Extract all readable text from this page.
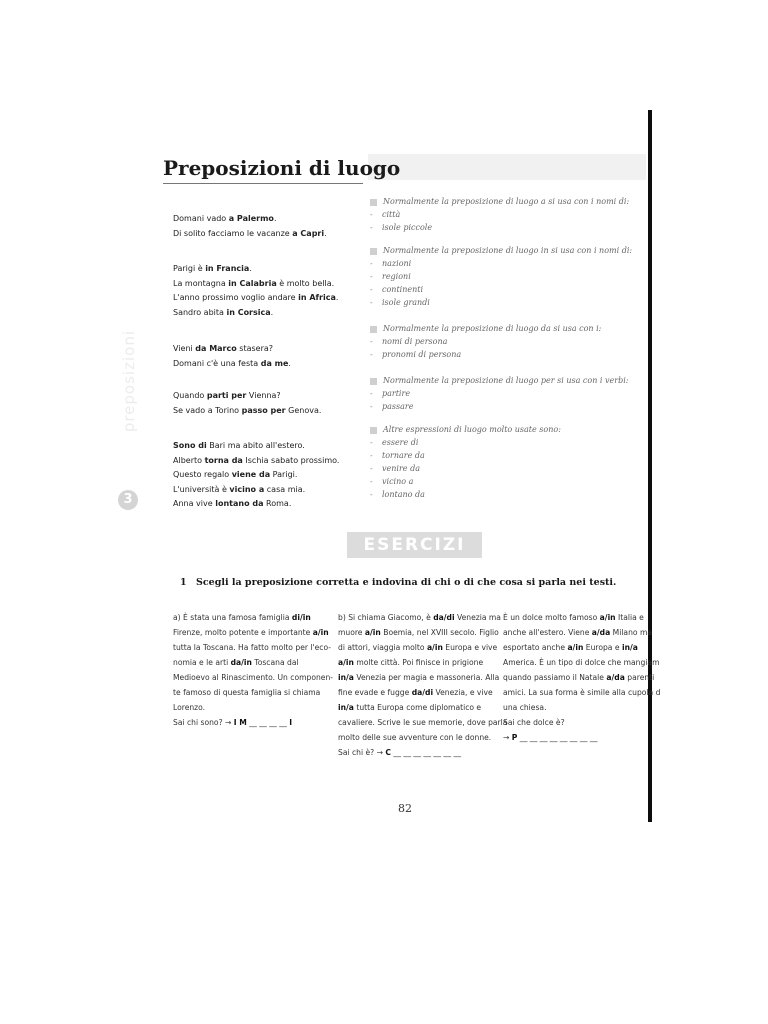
preposizioni
3
Preposizioni di luogo
Domani vado a Palermo.
Di solito facciamo le vacanze a Capri.
Normalmente la preposizione di luogo a si usa con i nomi di:
- città
- isole piccole
Parigi è in Francia.
La montagna in Calabria è molto bella.
L'anno prossimo voglio andare in Africa.
Sandro abita in Corsica.
Normalmente la preposizione di luogo in si usa con i nomi di:
- nazioni
- regioni
- continenti
- isole grandi
Vieni da Marco stasera?
Domani c'è una festa da me.
Normalmente la preposizione di luogo da si usa con i:
- nomi di persona
- pronomi di persona
Quando parti per Vienna?
Se vado a Torino passo per Genova.
Normalmente la preposizione di luogo per si usa con i verbi:
- partire
- passare
Sono di Bari ma abito all'estero.
Alberto torna da Ischia sabato prossimo.
Questo regalo viene da Parigi.
L'università è vicino a casa mia.
Anna vive lontano da Roma.
Altre espressioni di luogo molto usate sono:
- essere di
- tornare da
- venire da
- vicino a
- lontano da
ESERCIZI
1 Scegli la preposizione corretta e indovina di chi o di che cosa si parla nei testi.
a) È stata una famosa famiglia di/in
Firenze, molto potente e importante a/in
tutta la Toscana. Ha fatto molto per l'eco-
nomia e le arti da/in Toscana dal
Medioevo al Rinascimento. Un componen-
te famoso di questa famiglia si chiama
Lorenzo.
Sai chi sono? → I M __ __ __ __ I
b) Si chiama Giacomo, è da/di Venezia ma
muore a/in Boemia, nel XVIII secolo. Figlio
di attori, viaggia molto a/in Europa e vive
a/in molte città. Poi finisce in prigione
in/a Venezia per magia e massoneria. Alla
fine evade e fugge da/di Venezia, e vive
in/a tutta Europa come diplomatico e
cavaliere. Scrive le sue memorie, dove parla
molto delle sue avventure con le donne.
Sai chi è? → C __ __ __ __ __ __ __
È un dolce molto famoso a/in Italia e
anche all'estero. Viene a/da Milano ma
esportato anche a/in Europa e in/a
America. È un tipo di dolce che mangiam
quando passiamo il Natale a/da parenti
amici. La sua forma è simile alla cupola d
una chiesa.
Sai che dolce è?
→ P __ __ __ __ __ __ __ __
82
